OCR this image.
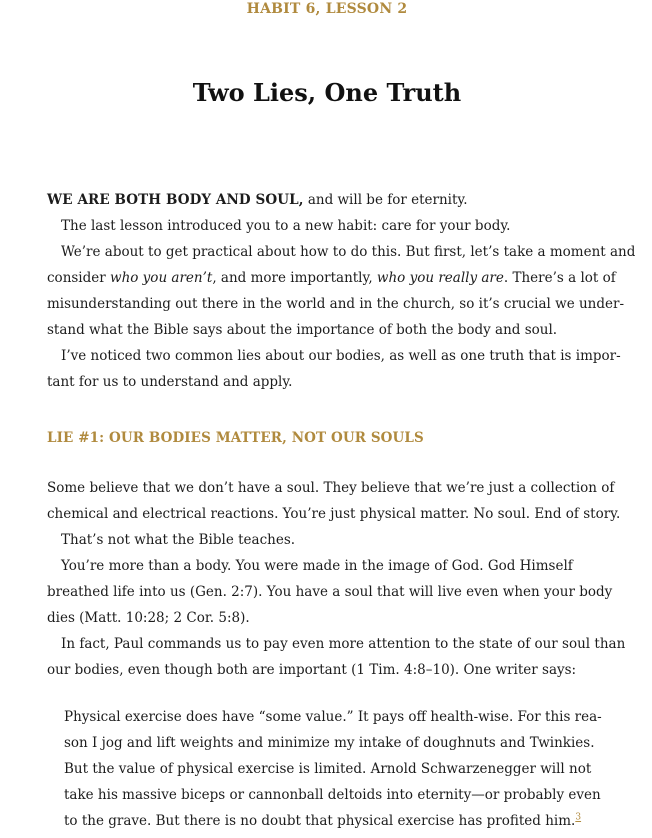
HABIT 6, LESSON 2
Two Lies, One Truth

WE ARE BOTH BODY AND SOUL, and will be for eternity.

The last lesson introduced you to a new habit: care for your body.

We’re about to get practical about how to do this. But first, let’s take a moment and

consider who you aren’t, and more importantly, who you really are. There’s a lot of

misunderstanding out there in the world and in the church, so it’s crucial we under-

stand what the Bible says about the importance of both the body and soul.

I’ve noticed two common lies about our bodies, as well as one truth that is impor-

tant for us to understand and apply.

LIE #1: OUR BODIES MATTER, NOT OUR SOULS

Some believe that we don’t have a soul. They believe that we’re just a collection of

chemical and electrical reactions. You’re just physical matter. No soul. End of story.

That’s not what the Bible teaches.

You’re more than a body. You were made in the image of God. God Himself

breathed life into us (Gen. 2:7). You have a soul that will live even when your body

dies (Matt. 10:28; 2 Cor. 5:8).

In fact, Paul commands us to pay even more attention to the state of our soul than

our bodies, even though both are important (1 Tim. 4:8–10). One writer says:

Physical exercise does have “some value.” It pays off health-wise. For this rea-

son I jog and lift weights and minimize my intake of doughnuts and Twinkies.

But the value of physical exercise is limited. Arnold Schwarzenegger will not

take his massive biceps or cannonball deltoids into eternity—or probably even

to the grave. But there is no doubt that physical exercise has profited him.$^3$
